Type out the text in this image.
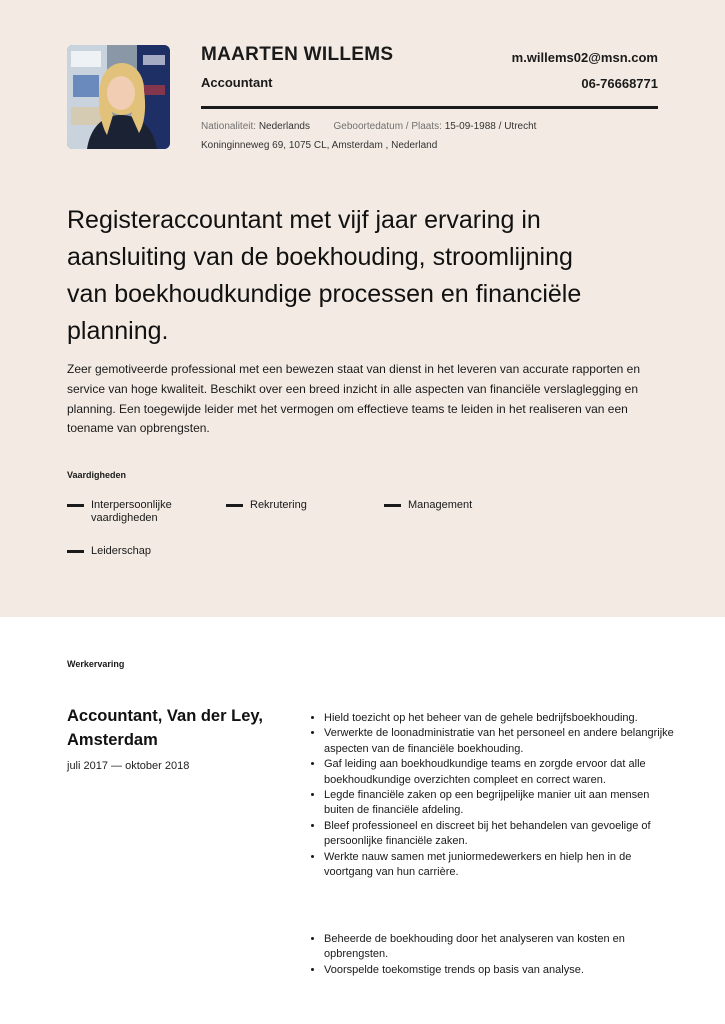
MAARTEN WILLEMS
Accountant
m.willems02@msn.com
06-76668771
Nationaliteit: Nederlands Geboortedatum / Plaats: 15-09-1988 / Utrecht
Koninginneweg 69, 1075 CL, Amsterdam , Nederland
Registeraccountant met vijf jaar ervaring in aansluiting van de boekhouding, stroomlijning van boekhoudkundige processen en financiële planning.
Zeer gemotiveerde professional met een bewezen staat van dienst in het leveren van accurate rapporten en service van hoge kwaliteit. Beschikt over een breed inzicht in alle aspecten van financiële verslaglegging en planning. Een toegewijde leider met het vermogen om effectieve teams te leiden in het realiseren van een toename van opbrengsten.
Vaardigheden
Interpersoonlijke vaardigheden
Rekrutering	Management
Leiderschap
Werkervaring
Accountant, Van der Ley, Amsterdam
juli 2017 — oktober 2018
• Hield toezicht op het beheer van de gehele bedrijfsboekhouding.
• Verwerkte de loonadministratie van het personeel en andere belangrijke aspecten van de financiële boekhouding.
• Gaf leiding aan boekhoudkundige teams en zorgde ervoor dat alle boekhoudkundige overzichten compleet en correct waren.
• Legde financiële zaken op een begrijpelijke manier uit aan mensen buiten de financiële afdeling.
• Bleef professioneel en discreet bij het behandelen van gevoelige of persoonlijke financiële zaken.
• Werkte nauw samen met juniormedewerkers en hielp hen in de voortgang van hun carrière.
• Beheerde de boekhouding door het analyseren van kosten en opbrengsten.
• Voorspelde toekomstige trends op basis van analyse.
